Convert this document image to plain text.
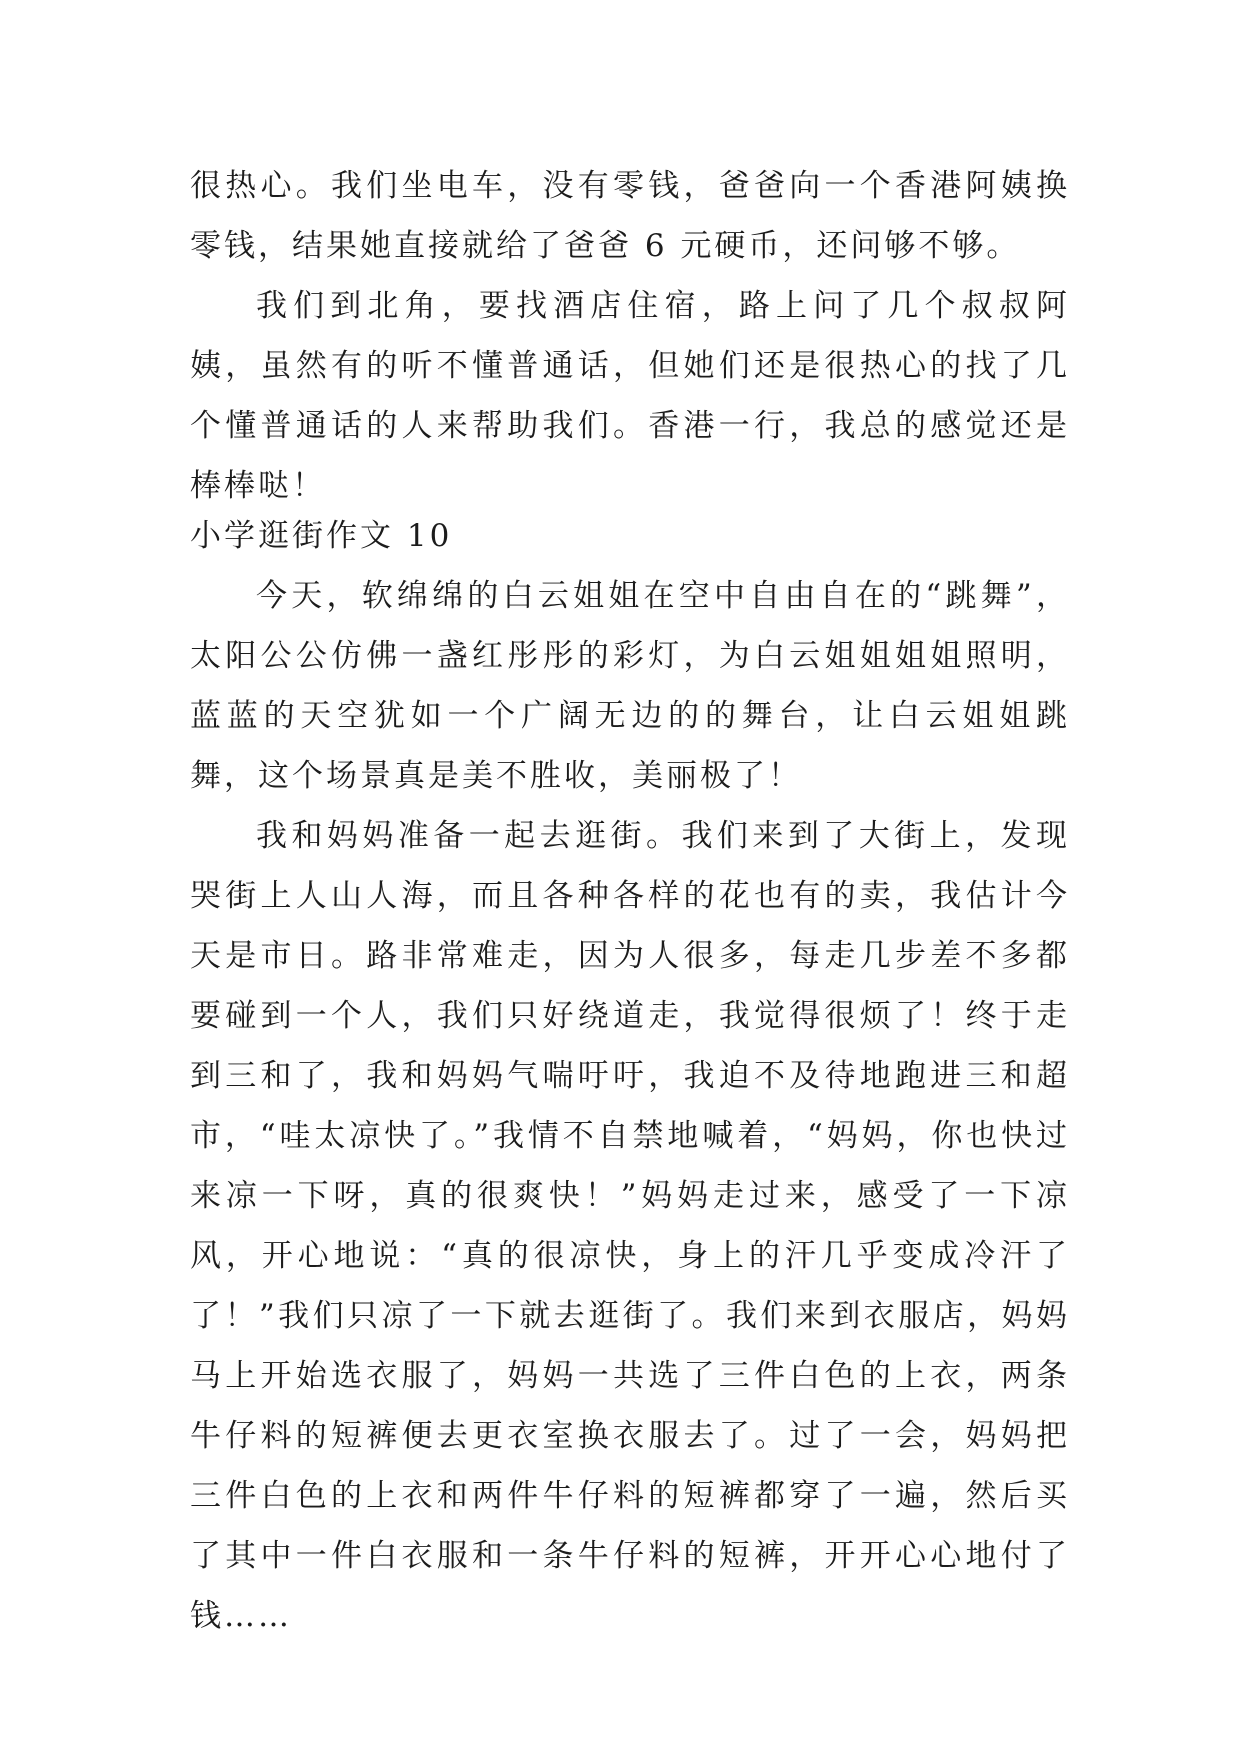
很热心。我们坐电车，没有零钱，爸爸向一个香港阿姨换零钱，结果她直接就给了爸爸 6 元硬币，还问够不够。

我们到北角，要找酒店住宿，路上问了几个叔叔阿姨，虽然有的听不懂普通话，但她们还是很热心的找了几个懂普通话的人来帮助我们。香港一行，我总的感觉还是棒棒哒！

小学逛街作文 10

今天，软绵绵的白云姐姐在空中自由自在的“跳舞”，太阳公公仿佛一盏红彤彤的彩灯，为白云姐姐姐姐照明，蓝蓝的天空犹如一个广阔无边的的舞台，让白云姐姐跳舞，这个场景真是美不胜收，美丽极了！

我和妈妈准备一起去逛街。我们来到了大街上，发现哭街上人山人海，而且各种各样的花也有的卖，我估计今天是市日。路非常难走，因为人很多，每走几步差不多都要碰到一个人，我们只好绕道走，我觉得很烦了！终于走到三和了，我和妈妈气喘吁吁，我迫不及待地跑进三和超市，“哇太凉快了。”我情不自禁地喊着，“妈妈，你也快过来凉一下呀，真的很爽快！”妈妈走过来，感受了一下凉风，开心地说：“真的很凉快，身上的汗几乎变成冷汗了了！”我们只凉了一下就去逛街了。我们来到衣服店，妈妈马上开始选衣服了，妈妈一共选了三件白色的上衣，两条牛仔料的短裤便去更衣室换衣服去了。过了一会，妈妈把三件白色的上衣和两件牛仔料的短裤都穿了一遍，然后买了其中一件白衣服和一条牛仔料的短裤，开开心心地付了钱……
